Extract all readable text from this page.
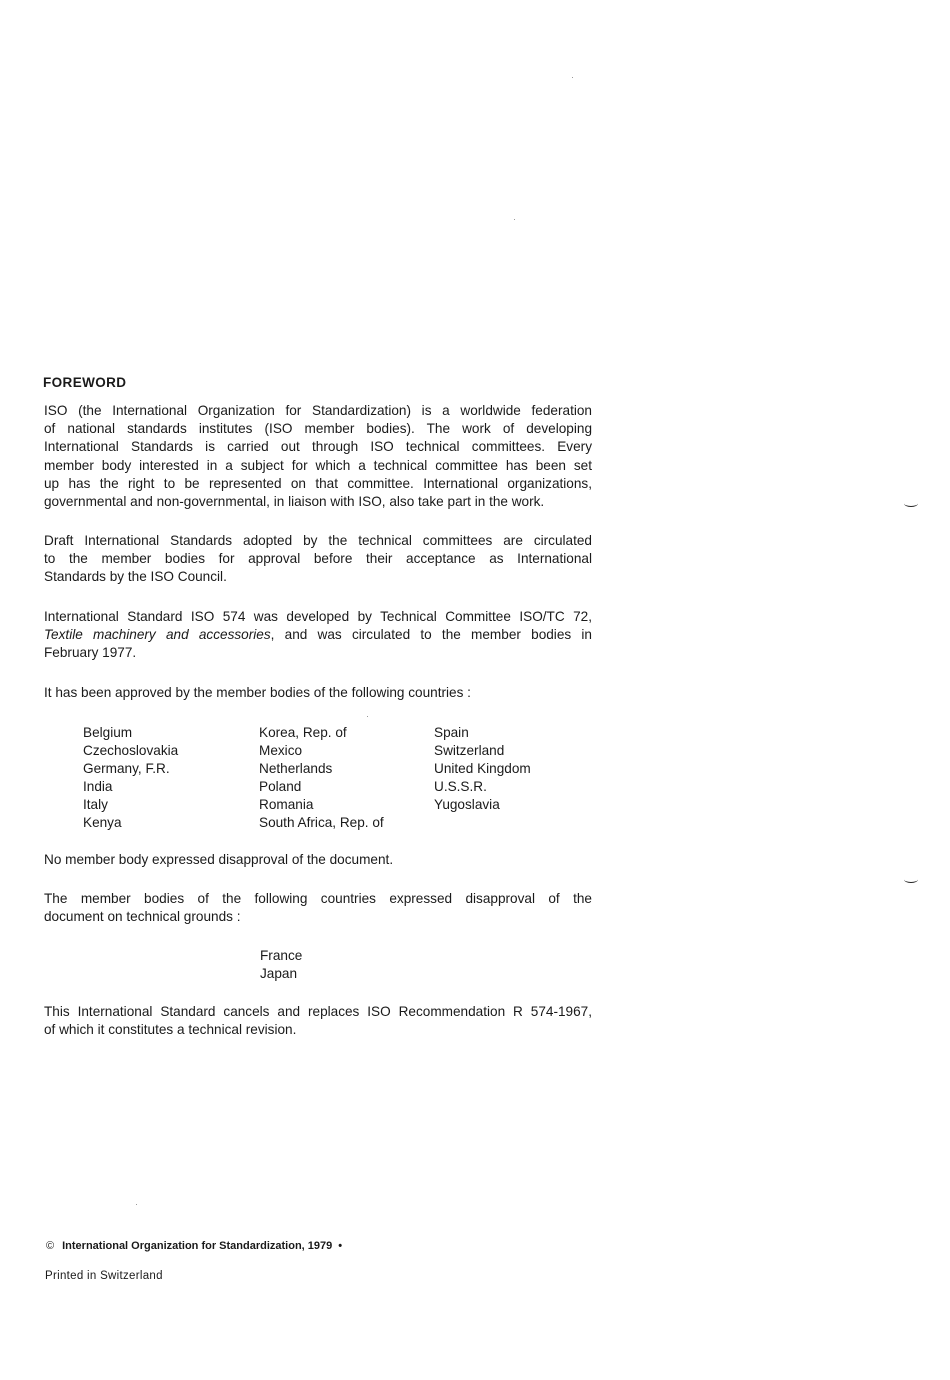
FOREWORD
ISO (the International Organization for Standardization) is a worldwide federation
of national standards institutes (ISO member bodies). The work of developing
International Standards is carried out through ISO technical committees. Every
member body interested in a subject for which a technical committee has been set
up has the right to be represented on that committee. International organizations,
governmental and non-governmental, in liaison with ISO, also take part in the work.
Draft International Standards adopted by the technical committees are circulated
to the member bodies for approval before their acceptance as International
Standards by the ISO Council.
International Standard ISO 574 was developed by Technical Committee ISO/TC 72,
Textile machinery and accessories, and was circulated to the member bodies in
February 1977.
It has been approved by the member bodies of the following countries :
Belgium
Czechoslovakia
Germany, F.R.
India
Italy
Kenya
Korea, Rep. of
Mexico
Netherlands
Poland
Romania
South Africa, Rep. of
Spain
Switzerland
United Kingdom
U.S.S.R.
Yugoslavia
No member body expressed disapproval of the document.
The member bodies of the following countries expressed disapproval of the
document on technical grounds :
France
Japan
This International Standard cancels and replaces ISO Recommendation R 574-1967,
of which it constitutes a technical revision.
© International Organization for Standardization, 1979 •
Printed in Switzerland
